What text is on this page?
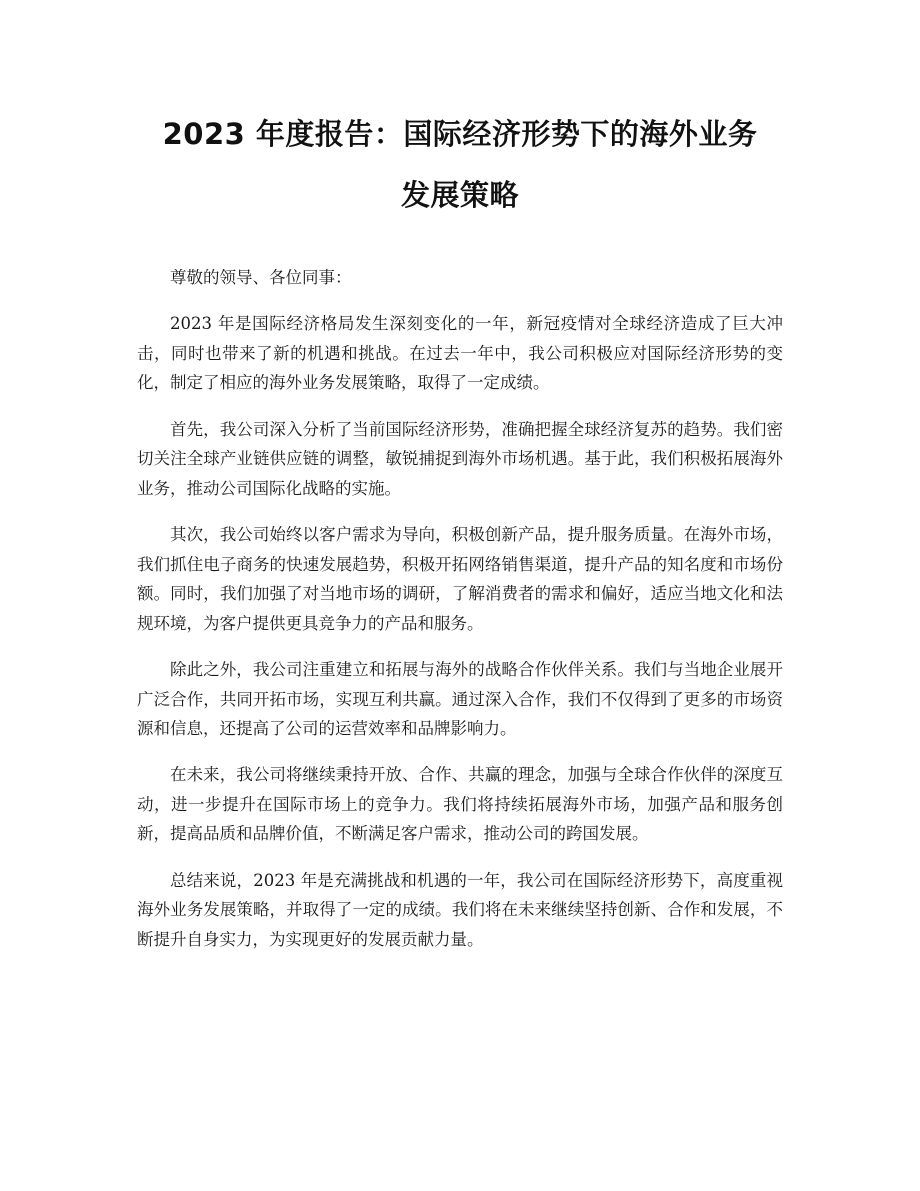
2023 年度报告：国际经济形势下的海外业务
发展策略

尊敬的领导、各位同事：

2023 年是国际经济格局发生深刻变化的一年，新冠疫情对全球经济造成了巨大冲击，同时也带来了新的机遇和挑战。在过去一年中，我公司积极应对国际经济形势的变化，制定了相应的海外业务发展策略，取得了一定成绩。

首先，我公司深入分析了当前国际经济形势，准确把握全球经济复苏的趋势。我们密切关注全球产业链供应链的调整，敏锐捕捉到海外市场机遇。基于此，我们积极拓展海外业务，推动公司国际化战略的实施。

其次，我公司始终以客户需求为导向，积极创新产品，提升服务质量。在海外市场，我们抓住电子商务的快速发展趋势，积极开拓网络销售渠道，提升产品的知名度和市场份额。同时，我们加强了对当地市场的调研，了解消费者的需求和偏好，适应当地文化和法规环境，为客户提供更具竞争力的产品和服务。

除此之外，我公司注重建立和拓展与海外的战略合作伙伴关系。我们与当地企业展开广泛合作，共同开拓市场，实现互利共赢。通过深入合作，我们不仅得到了更多的市场资源和信息，还提高了公司的运营效率和品牌影响力。

在未来，我公司将继续秉持开放、合作、共赢的理念，加强与全球合作伙伴的深度互动，进一步提升在国际市场上的竞争力。我们将持续拓展海外市场，加强产品和服务创新，提高品质和品牌价值，不断满足客户需求，推动公司的跨国发展。

总结来说，2023 年是充满挑战和机遇的一年，我公司在国际经济形势下，高度重视海外业务发展策略，并取得了一定的成绩。我们将在未来继续坚持创新、合作和发展，不断提升自身实力，为实现更好的发展贡献力量。
